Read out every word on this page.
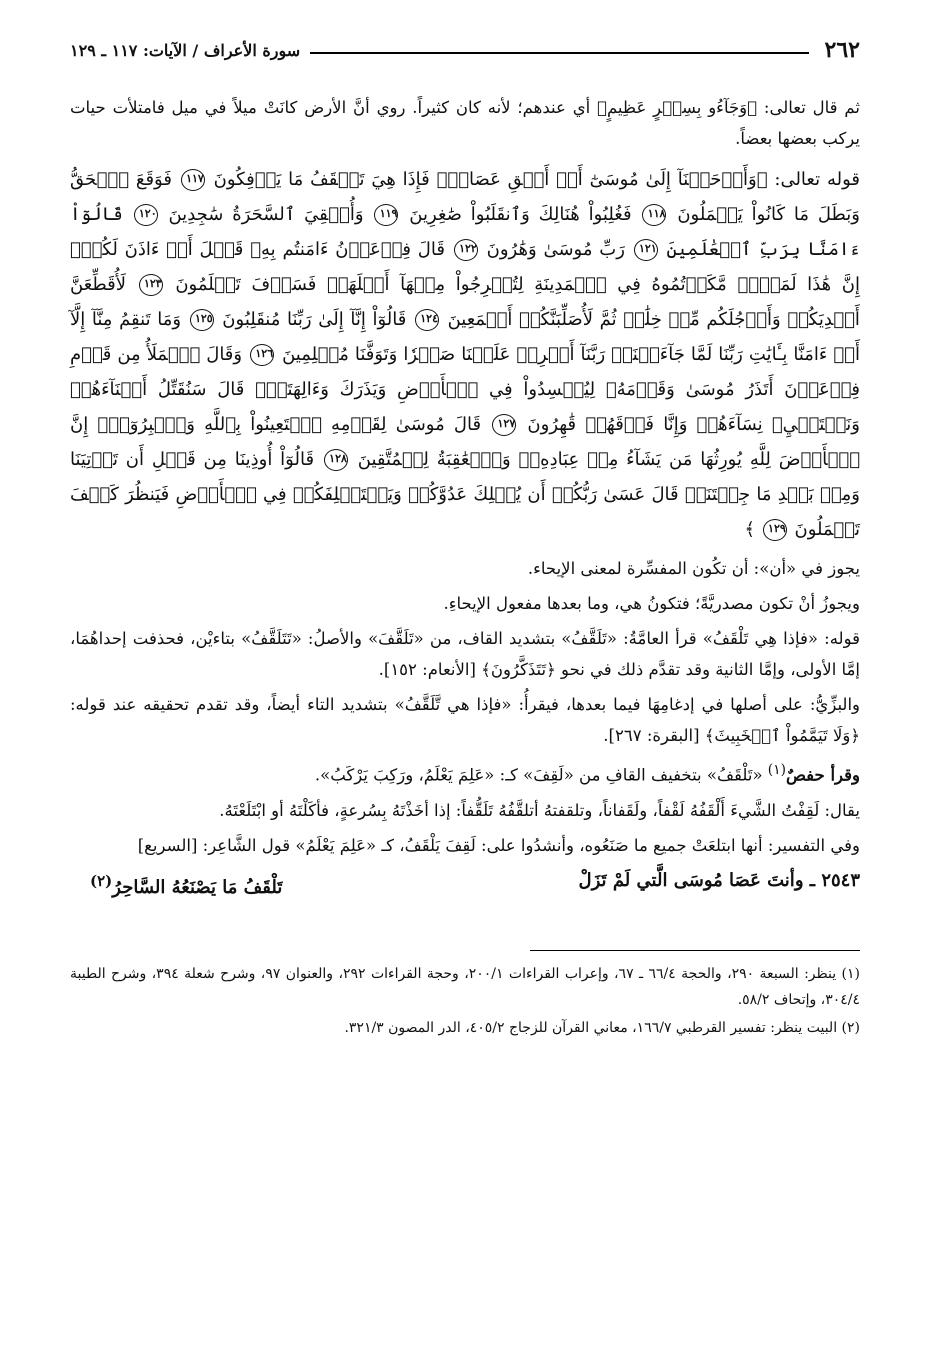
٢٦٢
سورة الأعراف / الآيات: ١١٧ ـ ١٢٩

ثم قال تعالى: ﴿وَجَآءُو بِسِحۡرٍ عَظِيمٍ﴾ أي عندهم؛ لأنه كان كثيراً. روي أنَّ الأرض كانَتْ ميلاً في ميل فامتلأت حيات يركب بعضها بعضاً.

قوله تعالى: ﴿وَأَوۡحَيۡنَآ إِلَىٰ مُوسَىٰٓ أَنۡ أَلۡقِ عَصَاكَۖ فَإِذَا هِيَ تَلۡقَفُ مَا يَأۡفِكُونَ ١١٧ فَوَقَعَ ٱلۡحَقُّ وَبَطَلَ مَا كَانُواْ يَعۡمَلُونَ ١١٨ فَغُلِبُواْ هُنَالِكَ وَٱنقَلَبُواْ صَٰغِرِينَ ١١٩ وَأُلۡقِيَ ٱلسَّحَرَةُ سَٰجِدِينَ ١٢٠ قَالُوٓاْ ءَامَنَّا بِرَبِّ ٱلۡعَٰلَمِينَ ١٢١ رَبِّ مُوسَىٰ وَهَٰرُونَ ١٢٢ قَالَ فِرۡعَوۡنُ ءَامَنتُم بِهِۦ قَبۡلَ أَنۡ ءَاذَنَ لَكُمۡۖ إِنَّ هَٰذَا لَمَكۡرٞ مَّكَرۡتُمُوهُ فِي ٱلۡمَدِينَةِ لِتُخۡرِجُواْ مِنۡهَآ أَهۡلَهَاۖ فَسَوۡفَ تَعۡلَمُونَ ١٢٣ لَأُقَطِّعَنَّ أَيۡدِيَكُمۡ وَأَرۡجُلَكُم مِّنۡ خِلَٰفٖ ثُمَّ لَأُصَلِّبَنَّكُمۡ أَجۡمَعِينَ ١٢٤ قَالُوٓاْ إِنَّآ إِلَىٰ رَبِّنَا مُنقَلِبُونَ ١٢٥ وَمَا تَنقِمُ مِنَّآ إِلَّآ أَنۡ ءَامَنَّا بِـَٔايَٰتِ رَبِّنَا لَمَّا جَآءَتۡنَاۚ رَبَّنَآ أَفۡرِغۡ عَلَيۡنَا صَبۡرٗا وَتَوَفَّنَا مُسۡلِمِينَ ١٢٦ وَقَالَ ٱلۡمَلَأُ مِن قَوۡمِ فِرۡعَوۡنَ أَتَذَرُ مُوسَىٰ وَقَوۡمَهُۥ لِيُفۡسِدُواْ فِي ٱلۡأَرۡضِ وَيَذَرَكَ وَءَالِهَتَكَۚ قَالَ سَنُقَتِّلُ أَبۡنَآءَهُمۡ وَنَسۡتَحۡيِۦ نِسَآءَهُمۡ وَإِنَّا فَوۡقَهُمۡ قَٰهِرُونَ ١٢٧ قَالَ مُوسَىٰ لِقَوۡمِهِ ٱسۡتَعِينُواْ بِٱللَّهِ وَٱصۡبِرُوٓاْۖ إِنَّ ٱلۡأَرۡضَ لِلَّهِ يُورِثُهَا مَن يَشَآءُ مِنۡ عِبَادِهِۦۖ وَٱلۡعَٰقِبَةُ لِلۡمُتَّقِينَ ١٢٨ قَالُوٓاْ أُوذِينَا مِن قَبۡلِ أَن تَأۡتِيَنَا وَمِنۢ بَعۡدِ مَا جِئۡتَنَاۚ قَالَ عَسَىٰ رَبُّكُمۡ أَن يُهۡلِكَ عَدُوَّكُمۡ وَيَسۡتَخۡلِفَكُمۡ فِي ٱلۡأَرۡضِ فَيَنظُرَ كَيۡفَ تَعۡمَلُونَ ١٢٩ ﴾

يجوز في «أن»: أن تكُون المفسِّرة لمعنى الإيحاء.

ويجوزُ أنْ تكون مصدريَّةً؛ فتكونُ هي، وما بعدها مفعول الإيحاءِ.

قوله: «فإذا هِي تَلْقَفُ» قرأ العامَّةُ: «تَلَقَّفُ» بتشديد القاف، من «تَلَقَّفَ» والأصلُ: «تَتَلَقَّفُ» بتاءيْن، فحذفت إحداهُمَا، إمَّا الأولى، وإمَّا الثانية وقد تقدَّم ذلك في نحو ﴿تَتَذَكَّرُونَ﴾ [الأنعام: ١٥٢].

والبزِّيُّ: على أصلها في إدغامِهَا فيما بعدها، فيقرأُ: «فإذا هي تَّلَقَّفُ» بتشديد التاء أيضاً، وقد تقدم تحقيقه عند قوله: ﴿وَلَا تَيَمَّمُواْ ٱلۡخَبِيثَ﴾ [البقرة: ٢٦٧].

وقرأ حفصٌ$^{(١)}$ «تَلْقَفُ» بتخفيف القافِ من «لَقِفَ» كـ: «عَلِمَ يَعْلَمُ، ورَكِبَ يَرْكَبُ».

يقال: لَقِفْتُ الشَّيءَ أَلْقَفُهُ لَقْفاً، ولَقَفاناً، وتلقفتهُ أتلقَّفُهُ تَلَقُّفاً: إذا أخَذْتَهُ بِسُرعةٍ، فأكَلْتَهُ أو ابْتَلَعْتَهُ.

وفي التفسير: أنها ابتلعَتْ جميع ما صَنَعُوه، وأنشدُوا على: لَقِفَ يَلْقَفُ، كـ «عَلِمَ يَعْلَمُ» قول الشَّاعِر: [السريع]

٢٥٤٣ ـ وأنتَ عَصَا مُوسَى الَّتي لَمْ تَزَلْ
تَلْقَفُ مَا يَصْنَعُهُ السَّاحِرُ$^{(٢)}$

(١) ينظر: السبعة ٢٩٠، والحجة ٦٦/٤ ـ ٦٧، وإعراب القراءات ٢٠٠/١، وحجة القراءات ٢٩٢، والعنوان ٩٧، وشرح شعلة ٣٩٤، وشرح الطيبة ٣٠٤/٤، وإتحاف ٥٨/٢.

(٢) البيت ينظر: تفسير القرطبي ١٦٦/٧، معاني القرآن للزجاج ٤٠٥/٢، الدر المصون ٣٢١/٣.
